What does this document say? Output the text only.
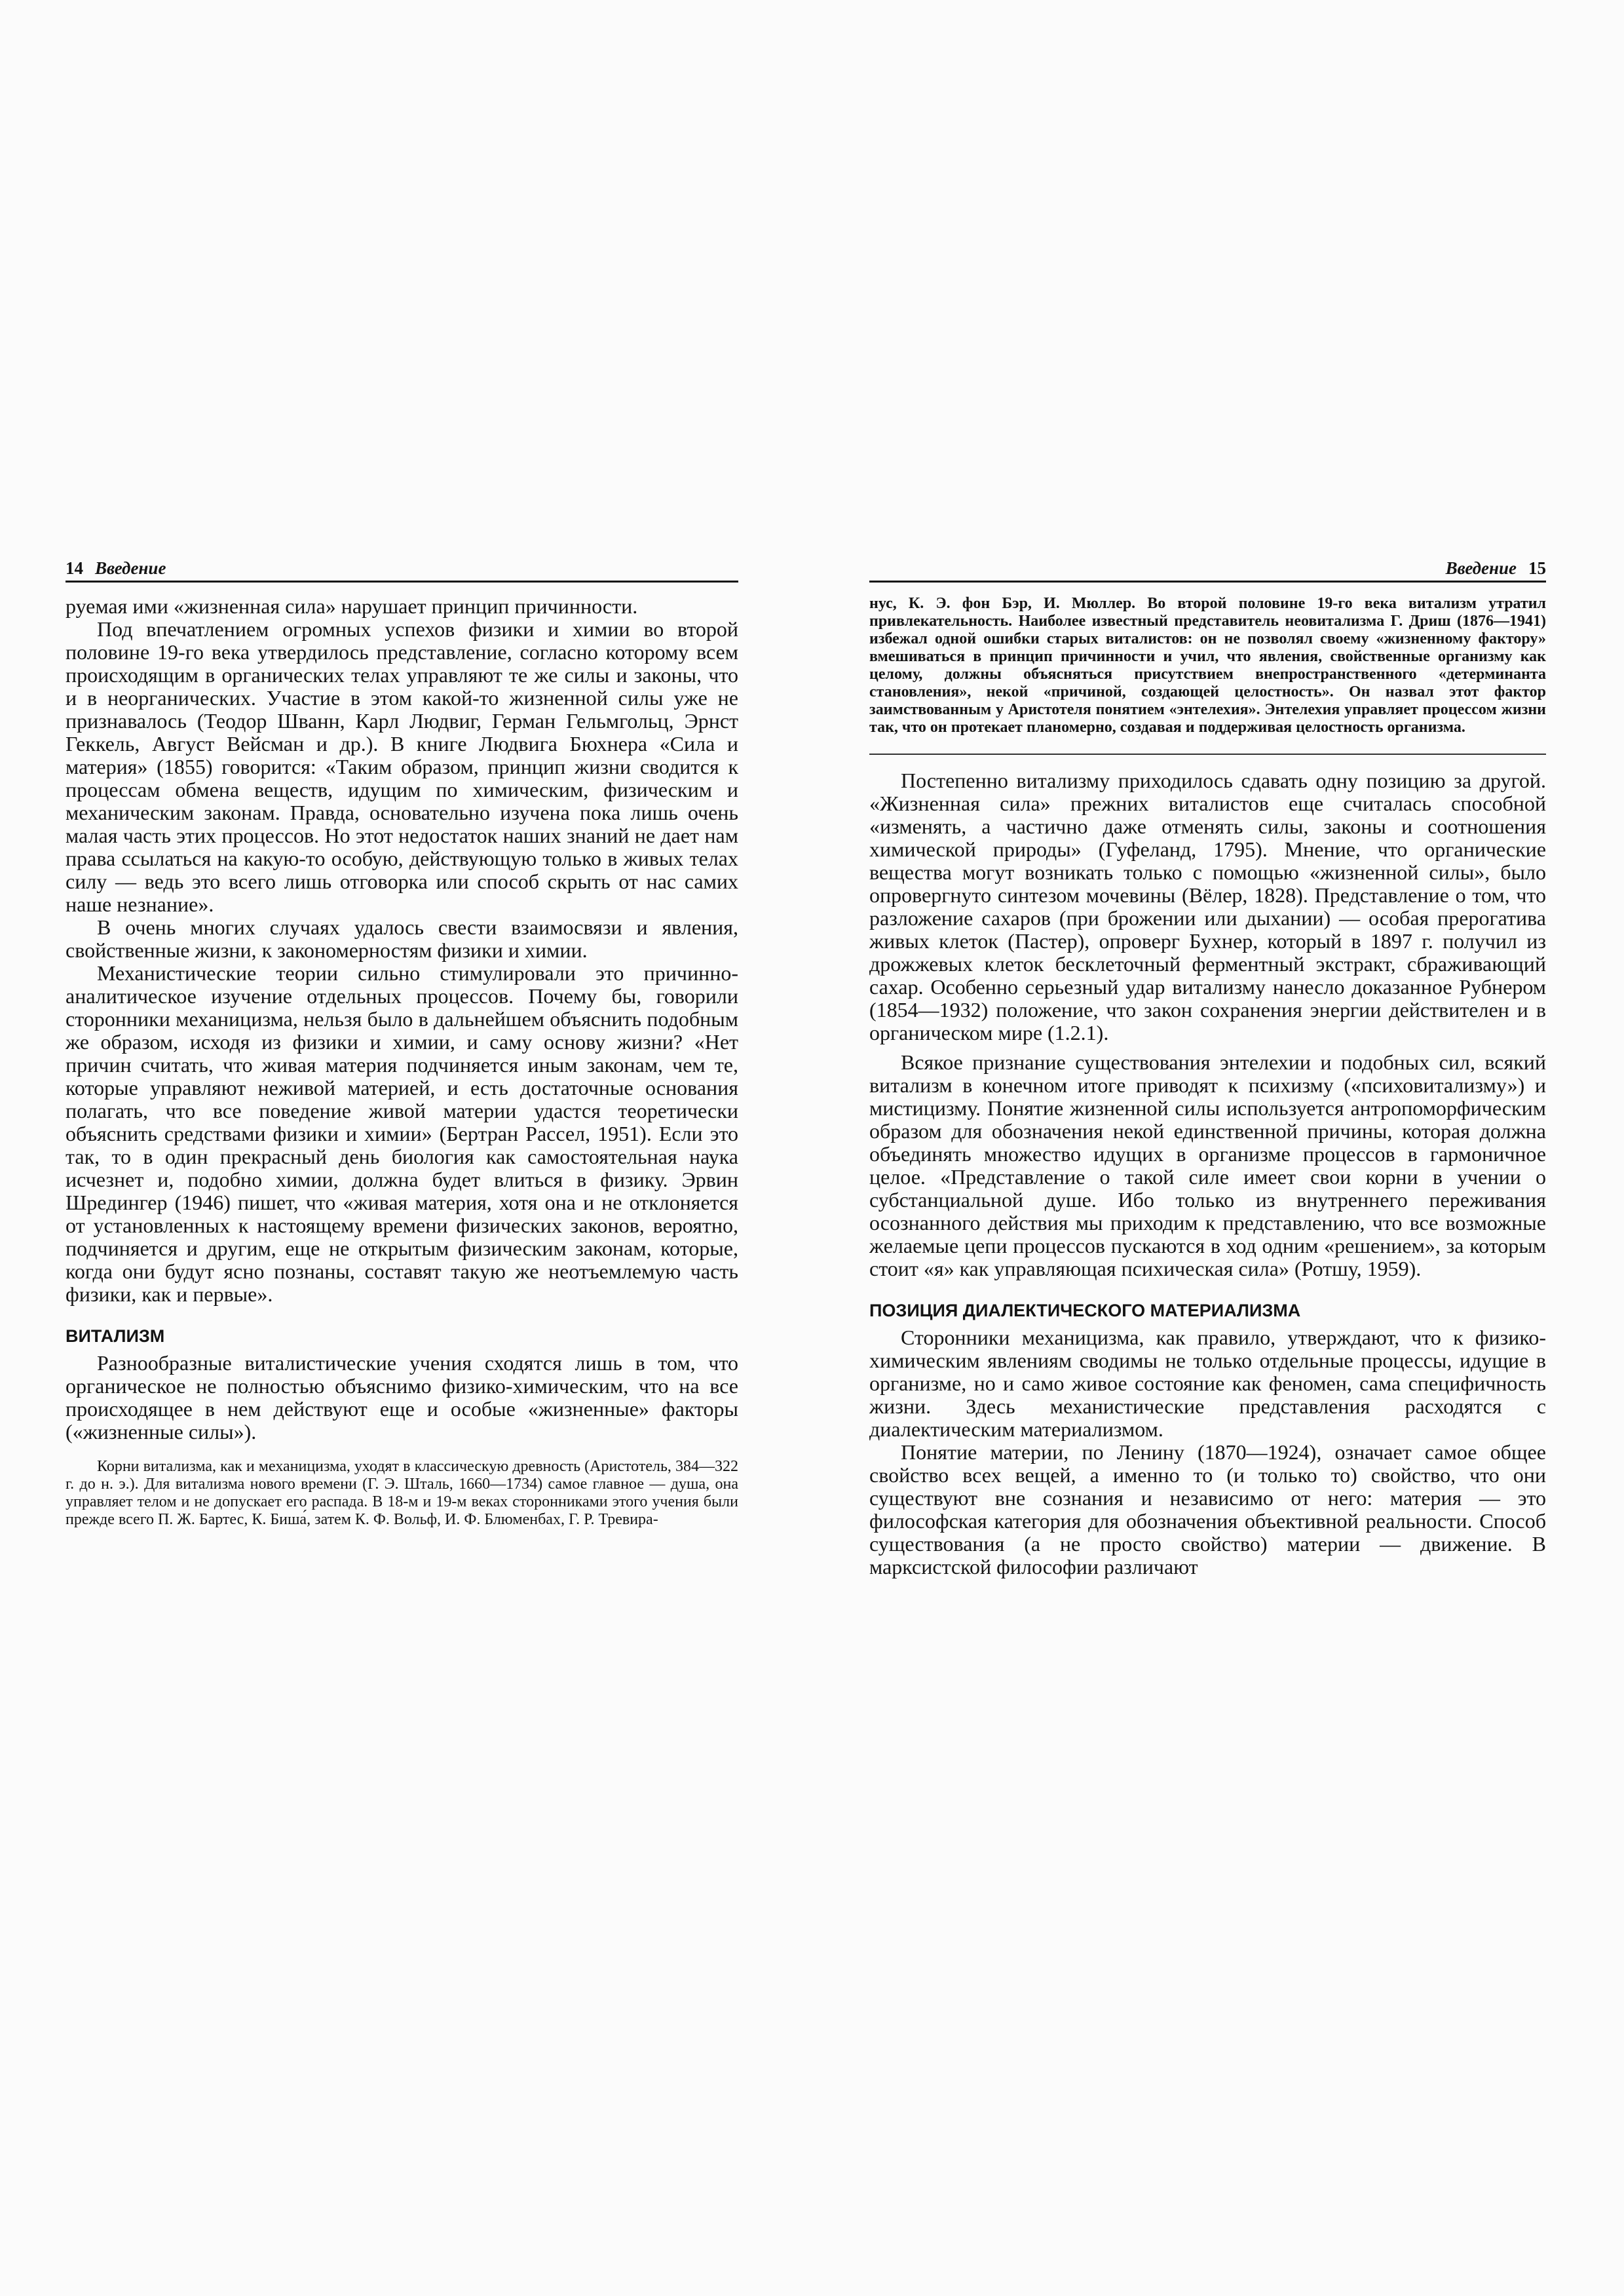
14 Введение

руемая ими «жизненная сила» нарушает принцип причинности.

Под впечатлением огромных успехов физики и химии во второй половине 19-го века утвердилось представление, согласно которому всем происходящим в органических телах управляют те же силы и законы, что и в неорганических. Участие в этом какой-то жизненной силы уже не признавалось (Теодор Шванн, Карл Людвиг, Герман Гельмгольц, Эрнст Геккель, Август Вейсман и др.). В книге Людвига Бюхнера «Сила и материя» (1855) говорится: «Таким образом, принцип жизни сводится к процессам обмена веществ, идущим по химическим, физическим и механическим законам. Правда, основательно изучена пока лишь очень малая часть этих процессов. Но этот недостаток наших знаний не дает нам права ссылаться на какую-то особую, действующую только в живых телах силу — ведь это всего лишь отговорка или способ скрыть от нас самих наше незнание».

В очень многих случаях удалось свести взаимосвязи и явления, свойственные жизни, к закономерностям физики и химии.

Механистические теории сильно стимулировали это причинно-аналитическое изучение отдельных процессов. Почему бы, говорили сторонники механицизма, нельзя было в дальнейшем объяснить подобным же образом, исходя из физики и химии, и саму основу жизни? «Нет причин считать, что живая материя подчиняется иным законам, чем те, которые управляют неживой материей, и есть достаточные основания полагать, что все поведение живой материи удастся теоретически объяснить средствами физики и химии» (Бертран Рассел, 1951). Если это так, то в один прекрасный день биология как самостоятельная наука исчезнет и, подобно химии, должна будет влиться в физику. Эрвин Шредингер (1946) пишет, что «живая материя, хотя она и не отклоняется от установленных к настоящему времени физических законов, вероятно, подчиняется и другим, еще не открытым физическим законам, которые, когда они будут ясно познаны, составят такую же неотъемлемую часть физики, как и первые».

ВИТАЛИЗМ

Разнообразные виталистические учения сходятся лишь в том, что органическое не полностью объяснимо физико-химическим, что на все происходящее в нем действуют еще и особые «жизненные» факторы («жизненные силы»).

Корни витализма, как и механицизма, уходят в классическую древность (Аристотель, 384—322 г. до н. э.). Для витализма нового времени (Г. Э. Шталь, 1660—1734) самое главное — душа, она управляет телом и не допускает его распада. В 18-м и 19-м веках сторонниками этого учения были прежде всего П. Ж. Бартес, К. Биша́, затем К. Ф. Вольф, И. Ф. Блюменбах, Г. Р. Тревира-

Введение 15

нус, К. Э. фон Бэр, И. Мюллер. Во второй половине 19-го века витализм утратил привлекательность. Наиболее известный представитель неовитализма Г. Дриш (1876—1941) избежал одной ошибки старых виталистов: он не позволял своему «жизненному фактору» вмешиваться в принцип причинности и учил, что явления, свойственные организму как целому, должны объясняться присутствием внепространственного «детерминанта становления», некой «причиной, создающей целостность». Он назвал этот фактор заимствованным у Аристотеля понятием «энтелехия». Энтелехия управляет процессом жизни так, что он протекает планомерно, создавая и поддерживая целостность организма.

Постепенно витализму приходилось сдавать одну позицию за другой. «Жизненная сила» прежних виталистов еще считалась способной «изменять, а частично даже отменять силы, законы и соотношения химической природы» (Гуфеланд, 1795). Мнение, что органические вещества могут возникать только с помощью «жизненной силы», было опровергнуто синтезом мочевины (Вёлер, 1828). Представление о том, что разложение сахаров (при брожении или дыхании) — особая прерогатива живых клеток (Пастер), опроверг Бухнер, который в 1897 г. получил из дрожжевых клеток бесклеточный ферментный экстракт, сбраживающий сахар. Особенно серьезный удар витализму нанесло доказанное Рубнером (1854—1932) положение, что закон сохранения энергии действителен и в органическом мире (1.2.1).

Всякое признание существования энтелехии и подобных сил, всякий витализм в конечном итоге приводят к психизму («психовитализму») и мистицизму. Понятие жизненной силы используется антропоморфическим образом для обозначения некой единственной причины, которая должна объединять множество идущих в организме процессов в гармоничное целое. «Представление о такой силе имеет свои корни в учении о субстанциальной душе. Ибо только из внутреннего переживания осознанного действия мы приходим к представлению, что все возможные желаемые цепи процессов пускаются в ход одним «решением», за которым стоит «я» как управляющая психическая сила» (Ротшу, 1959).

ПОЗИЦИЯ ДИАЛЕКТИЧЕСКОГО МАТЕРИАЛИЗМА

Сторонники механицизма, как правило, утверждают, что к физико-химическим явлениям сводимы не только отдельные процессы, идущие в организме, но и само живое состояние как феномен, сама специфичность жизни. Здесь механистические представления расходятся с диалектическим материализмом.

Понятие материи, по Ленину (1870—1924), означает самое общее свойство всех вещей, а именно то (и только то) свойство, что они существуют вне сознания и независимо от него: материя — это философская категория для обозначения объективной реальности. Способ существования (а не просто свойство) материи — движение. В марксистской философии различают
